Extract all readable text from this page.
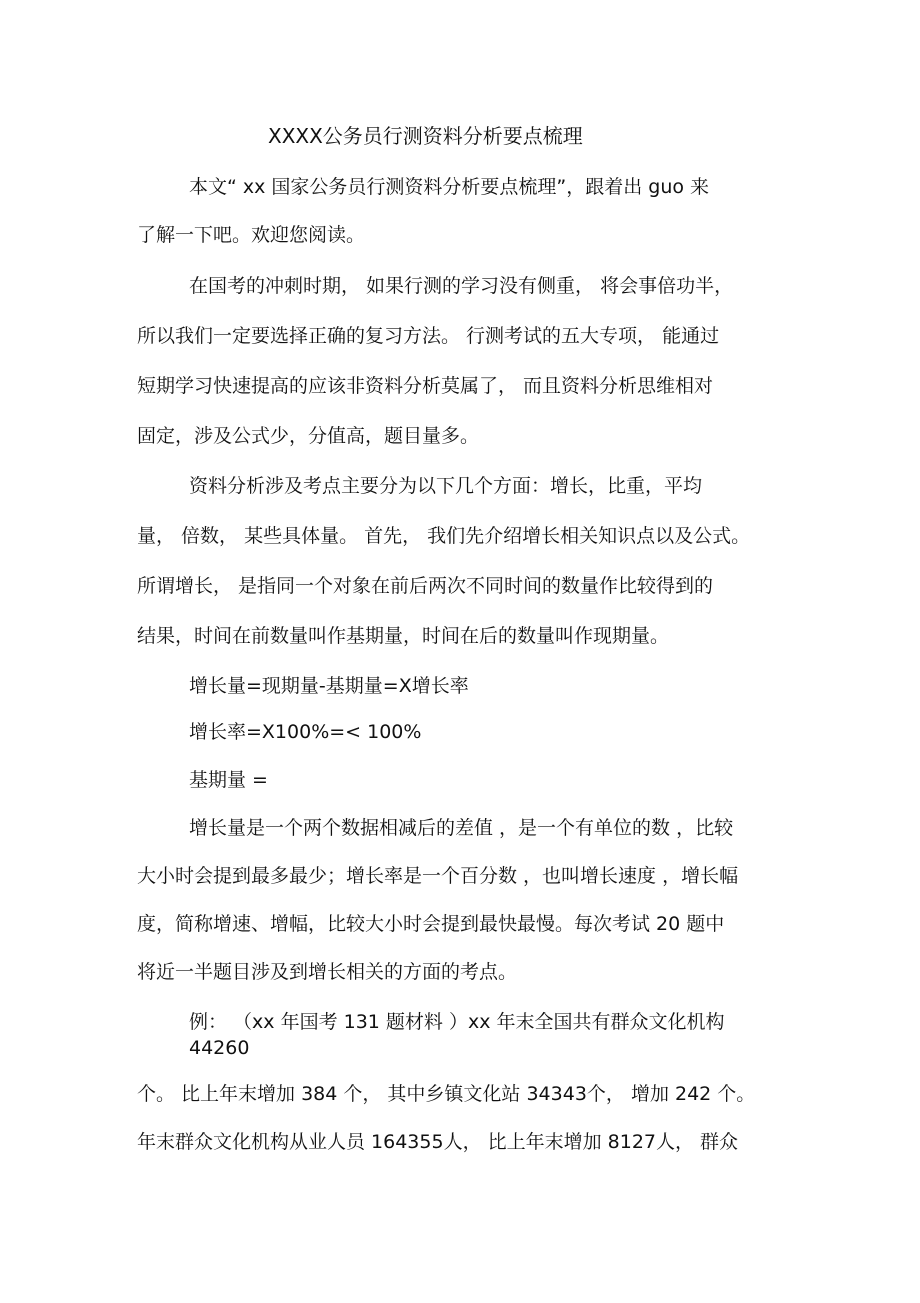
XXXX公务员行测资料分析要点梳理
本文“ xx 国家公务员行测资料分析要点梳理”，跟着出 guo 来
了解一下吧。欢迎您阅读。
在国考的冲刺时期， 如果行测的学习没有侧重， 将会事倍功半，
所以我们一定要选择正确的复习方法。 行测考试的五大专项， 能通过
短期学习快速提高的应该非资料分析莫属了， 而且资料分析思维相对
固定，涉及公式少，分值高，题目量多。
资料分析涉及考点主要分为以下几个方面：增长，比重，平均
量， 倍数， 某些具体量。 首先， 我们先介绍增长相关知识点以及公式。
所谓增长， 是指同一个对象在前后两次不同时间的数量作比较得到的
结果，时间在前数量叫作基期量，时间在后的数量叫作现期量。
增长量=现期量-基期量=X增长率
增长率=X100%=< 100%
基期量 =
增长量是一个两个数据相减后的差值 ，是一个有单位的数 ，比较
大小时会提到最多最少；增长率是一个百分数 ，也叫增长速度 ，增长幅
度，简称增速、增幅，比较大小时会提到最快最慢。每次考试 20 题中
将近一半题目涉及到增长相关的方面的考点。
例： （xx 年国考 131 题材料 ）xx 年末全国共有群众文化机构
44260
个。 比上年末增加 384 个， 其中乡镇文化站 34343个， 增加 242 个。
年末群众文化机构从业人员 164355人， 比上年末增加 8127人， 群众
